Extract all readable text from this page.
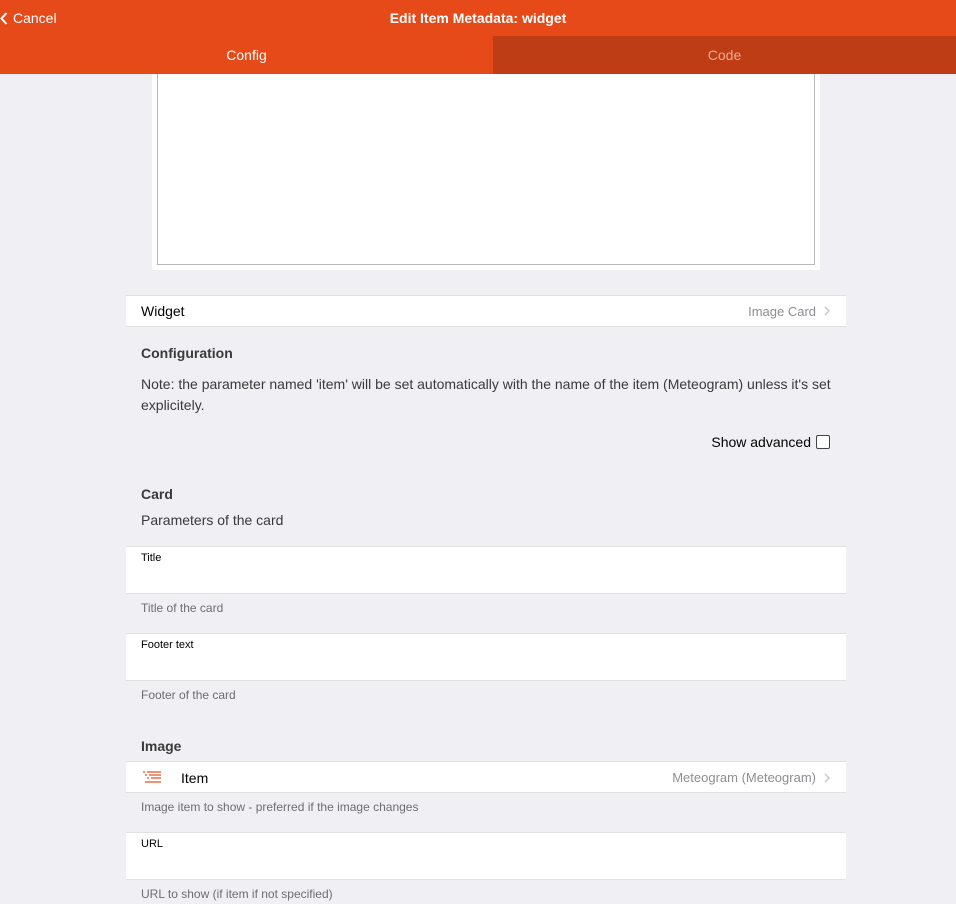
Cancel	Edit Item Metadata: widget
Config	Code
Widget	Image Card
Configuration
Note: the parameter named 'item' will be set automatically with the name of the item (Meteogram) unless it's set explicitely.
Show advanced
Card
Parameters of the card
Title
Title of the card
Footer text
Footer of the card
Image
Item	Meteogram (Meteogram)
Image item to show - preferred if the image changes
URL
URL to show (if item if not specified)
